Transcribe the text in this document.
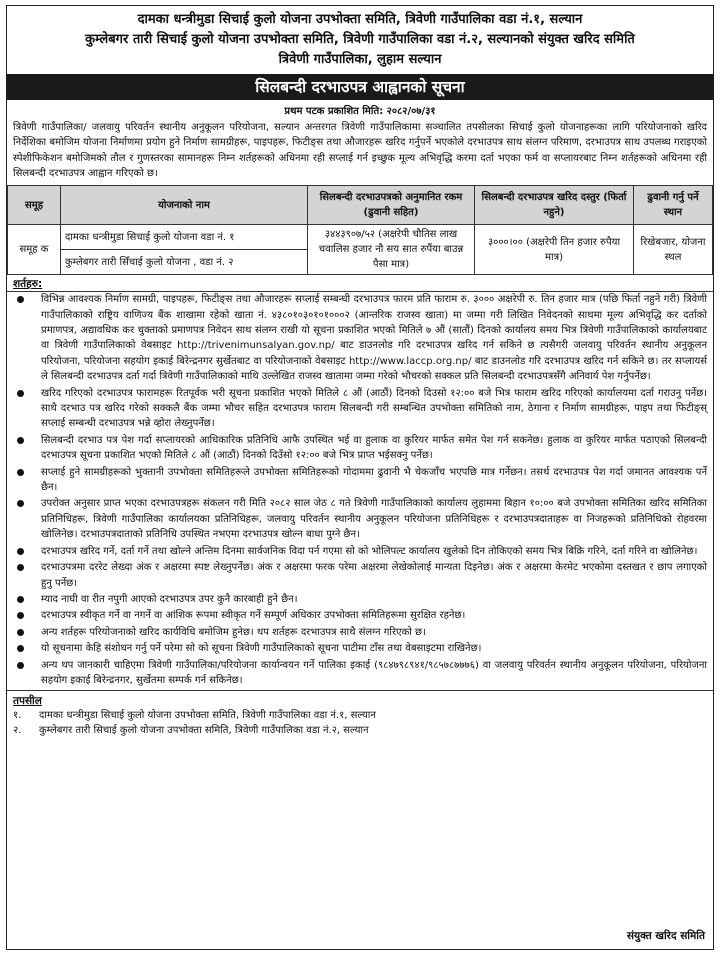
दामका धन्त्रीमुडा सिचाई कुलो योजना उपभोक्ता समिति, त्रिवेणी गाउँपालिका वडा नं.१, सल्यान
कुम्लेबगर तारी सिचाई कुलो योजना उपभोक्ता समिति, त्रिवेणी गाउँपालिका वडा नं.२, सल्यानको संयुक्त खरिद समिति
त्रिवेणी गाउँपालिका, लुहाम सल्यान
सिलबन्दी दरभाउपत्र आह्वानको सूचना
प्रथम पटक प्रकाशित मिति: २०८२/०७/३१
त्रिवेणी गाउँपालिका/ जलवायु परिवर्तन स्थानीय अनुकूलन परियोजना, सल्यान अन्तरगत त्रिवेणी गाउँपालिकामा सञ्चालित तपसीलका सिचाई कुलो योजनाहरूका लागि परियोजनाको खरिद निर्देशिका बमोजिम योजना निर्माणमा प्रयोग हुने निर्माण सामग्रीहरू, पाइपहरू, फिटीङ्स तथा औजारहरू खरिद गर्नुपर्ने भएकोले दरभाउपत्र साथ संलग्न परिमाण, दरभाउपत्र साथ उपलब्ध गराइएको स्पेशीफिकेशन बमोजिमको तौल र गुणस्तरका सामानहरू निम्न शर्तहरूको अधिनमा रही सप्लाई गर्न इच्छुक मूल्य अभिवृद्धि करमा दर्ता भएका फर्म वा सप्लायरबाट निम्न शर्तहरूको अधिनमा रही सिलबन्दी दरभाउपत्र आह्वान गरिएको छ।
समूह	योजनाको नाम	सिलबन्दी दरभाउपत्रको अनुमानित रकम (ढुवानी सहित)	सिलबन्दी दरभाउपत्र खरिद दस्तुर (फिर्ता नहुने)	ढुवानी गर्नु पर्ने स्थान
समूह क	दामका धन्त्रीमुडा सिचाई कुलो योजना वडा नं. १	३४४३९०७/५२ (अक्षरेपी चौतिस लाख चवालिस हजार नौ सय सात रुपैंया बाउन्न पैसा मात्र)	३०००।०० (अक्षरेपी तिन हजार रुपैया मात्र)	रिखेबजार, योजना स्थल
	कुम्लेबगर तारी सिँचाई कुलो योजना , वडा नं. २			
शर्तहरु:
विभिन्न आवश्यक निर्माण सामग्री, पाइपहरू, फिटीङ्स तथा औजारहरू सप्लाई सम्बन्धी दरभाउपत्र फारम प्रति फाराम रु. ३००० अक्षरेपी रु. तिन हजार मात्र (पछि फिर्ता नहुने गरी) त्रिवेणी गाउँपालिकाको राष्ट्रिय वाणिज्य बैंक शाखामा रहेको खाता नं. ४३८०१०३०१०१०००२ (आन्तरिक राजस्व खाता) मा जम्मा गरी लिखित निवेदनको साथमा मूल्य अभिवृद्धि कर दर्ताको प्रमाणपत्र, अद्यावधिक कर चुक्ताको प्रमाणपत्र निवेदन साथ संलग्न राखी यो सूचना प्रकाशित भएको मितिले ७ औं (सातौं) दिनको कार्यालय समय भित्र त्रिवेणी गाउँपालिकाको कार्यालयबाट वा त्रिवेणी गाउँपालिकाको वेबसाइट http://trivenimunsalyan.gov.np/ बाट डाउनलोड गरि दरभाउपत्र खरिद गर्न सकिने छ त्यसैगरी जलवायु परिवर्तन स्थानीय अनुकूलन परियोजना, परियोजना सहयोग इकाई बिरेन्द्रनगर सुर्खेतबाट वा परियोजनाको वेबसाइट http://www.laccp.org.np/ बाट डाउनलोड गरि दरभाउपत्र खरिद गर्न सकिने छ। तर सप्लायर्स ले सिलबन्दी दरभाउपत्र दर्ता गर्दा त्रिवेणी गाउँपालिकाको माथि उल्लेखित राजस्व खातामा जम्मा गरेको भौचरको सक्कल प्रति सिलबन्दी दरभाउपत्रसँगै अनिवार्य पेश गर्नुपर्नेछ।
खरिद गरिएको दरभाउपत्र फारामहरू रितपूर्वक भरी सूचना प्रकाशित भएको मितिले ८ औं (आठौं) दिनको दिउसो १२:०० बजे भित्र फाराम खरिद गरिएको कार्यालयमा दर्ता गराउनु पर्नेछ। साथै दरभाउ पत्र खरिद गरेको सक्कलै बैंक जम्मा भौचर सहित दरभाउपत्र फाराम सिलबन्दी गरी सम्बन्धित उपभोक्ता समितिको नाम, ठेगाना र निर्माण सामग्रीहरू, पाइप तथा फिटीङ्स् सप्लाई सम्बन्धी दरभाउपत्र भन्ने व्होरा लेख्नुपर्नेछ।
सिलबन्दी दरभाउ पत्र पेश गर्दा सप्लायरको आधिकारिक प्रतिनिधि आफै उपस्थित भई वा हुलाक वा कुरियर मार्फत समेत पेश गर्न सकनेछ। हुलाक वा कुरियर मार्फत पठाएको सिलबन्दी दरभाउपत्र सूचना प्रकाशित भएको मितिले ८ औं (आठौं) दिनको दिउँसो १२:०० बजे भित्र प्राप्त भईसक्नु पर्नेछ।
सप्लाई हुने सामग्रीहरूको भुक्तानी उपभोक्ता समितिहरूले उपभोक्ता समितिहरूको गोदाममा ढुवानी भै चेकजाँच भएपछि मात्र गर्नेछन। तसर्थ दरभाउपत्र पेश गर्दा जमानत आवश्यक पर्ने छैन।
उपरोक्त अनुसार प्राप्त भएका दरभाउपत्रहरू संकलन गरी मिति २०८२ साल जेठ ८ गते त्रिवेणी गाउँपालिकाको कार्यालय लुहाममा बिहान १०:०० बजे उपभोक्ता समितिका खरिद समितिका प्रतिनिधिहरू, त्रिवेणी गाउँपालिका कार्यालयका प्रतिनिधिहरू, जलवायु परिवर्तन स्थानीय अनुकूलन परियोजना प्रतिनिधिहरू र दरभाउपत्रदाताहरू वा निजहरूको प्रतिनिधिको रोहवरमा खोलिनेछ। दरभाउपत्रदाताको प्रतिनिधि उपस्थित नभएमा दरभाउपत्र खोल्न बाधा पुग्ने छैन।
दरभाउपत्र खरिद गर्ने, दर्ता गर्ने तथा खोल्ने अन्तिम दिनमा सार्वजनिक विदा पर्न गएमा सो को भोलिपल्ट कार्यालय खुलेको दिन तोकिएको समय भित्र बिक्रि गरिने, दर्ता गरिने वा खोलिनेछ।
दरभाउपत्रमा दररेट लेख्दा अंक र अक्षरमा स्पष्ट लेख्नुपर्नेछ। अंक र अक्षरमा फरक परेमा अक्षरमा लेखेकोलाई मान्यता दिइनेछ। अंक र अक्षरमा केरमेट भएकोमा दस्तखत र छाप लगाएको हुनु पर्नेछ।
म्याद नाघी वा रीत नपुगी आएको दरभाउपत्र उपर कुनै कारबाही हुने छैन।
दरभाउपत्र स्वीकृत गर्ने वा नगर्ने वा आंशिक रूपमा स्वीकृत गर्ने सम्पूर्ण अधिकार उपभोक्ता समितिहरूमा सुरक्षित रहनेछ।
अन्य शर्तहरू परियोजनाको खरिद कार्यविधि बमोजिम हुनेछ। थप शर्तहरू दरभाउपत्र साथै संलग्न गरिएको छ।
यो सूचनामा केहि संशोधन गर्नु पर्ने परेमा सो को सूचना त्रिवेणी गाउँपालिकाको सूचना पाटीमा टाँस तथा वेबसाइटमा राखिनेछ।
अन्य थप जानकारी चाहिएमा त्रिवेणी गाउँपालिका/परियोजना कार्यान्वयन गर्ने पालिका इकाई (९८४७९८९४१/९८५७८७७७६) वा जलवायु परिवर्तन स्थानीय अनुकूलन परियोजना, परियोजना सहयोग इकाई बिरेन्द्रनगर, सुर्खेतमा सम्पर्क गर्न सकिनेछ।
तपसील
१. दामका धन्त्रीमुडा सिचाई कुलो योजना उपभोक्ता समिति, त्रिवेणी गाउँपालिका वडा नं.१, सल्यान
२. कुम्लेबगर तारी सिचाई कुलो योजना उपभोक्ता समिति, त्रिवेणी गाउँपालिका वडा नं.२, सल्यान
संयुक्त खरिद समिति
